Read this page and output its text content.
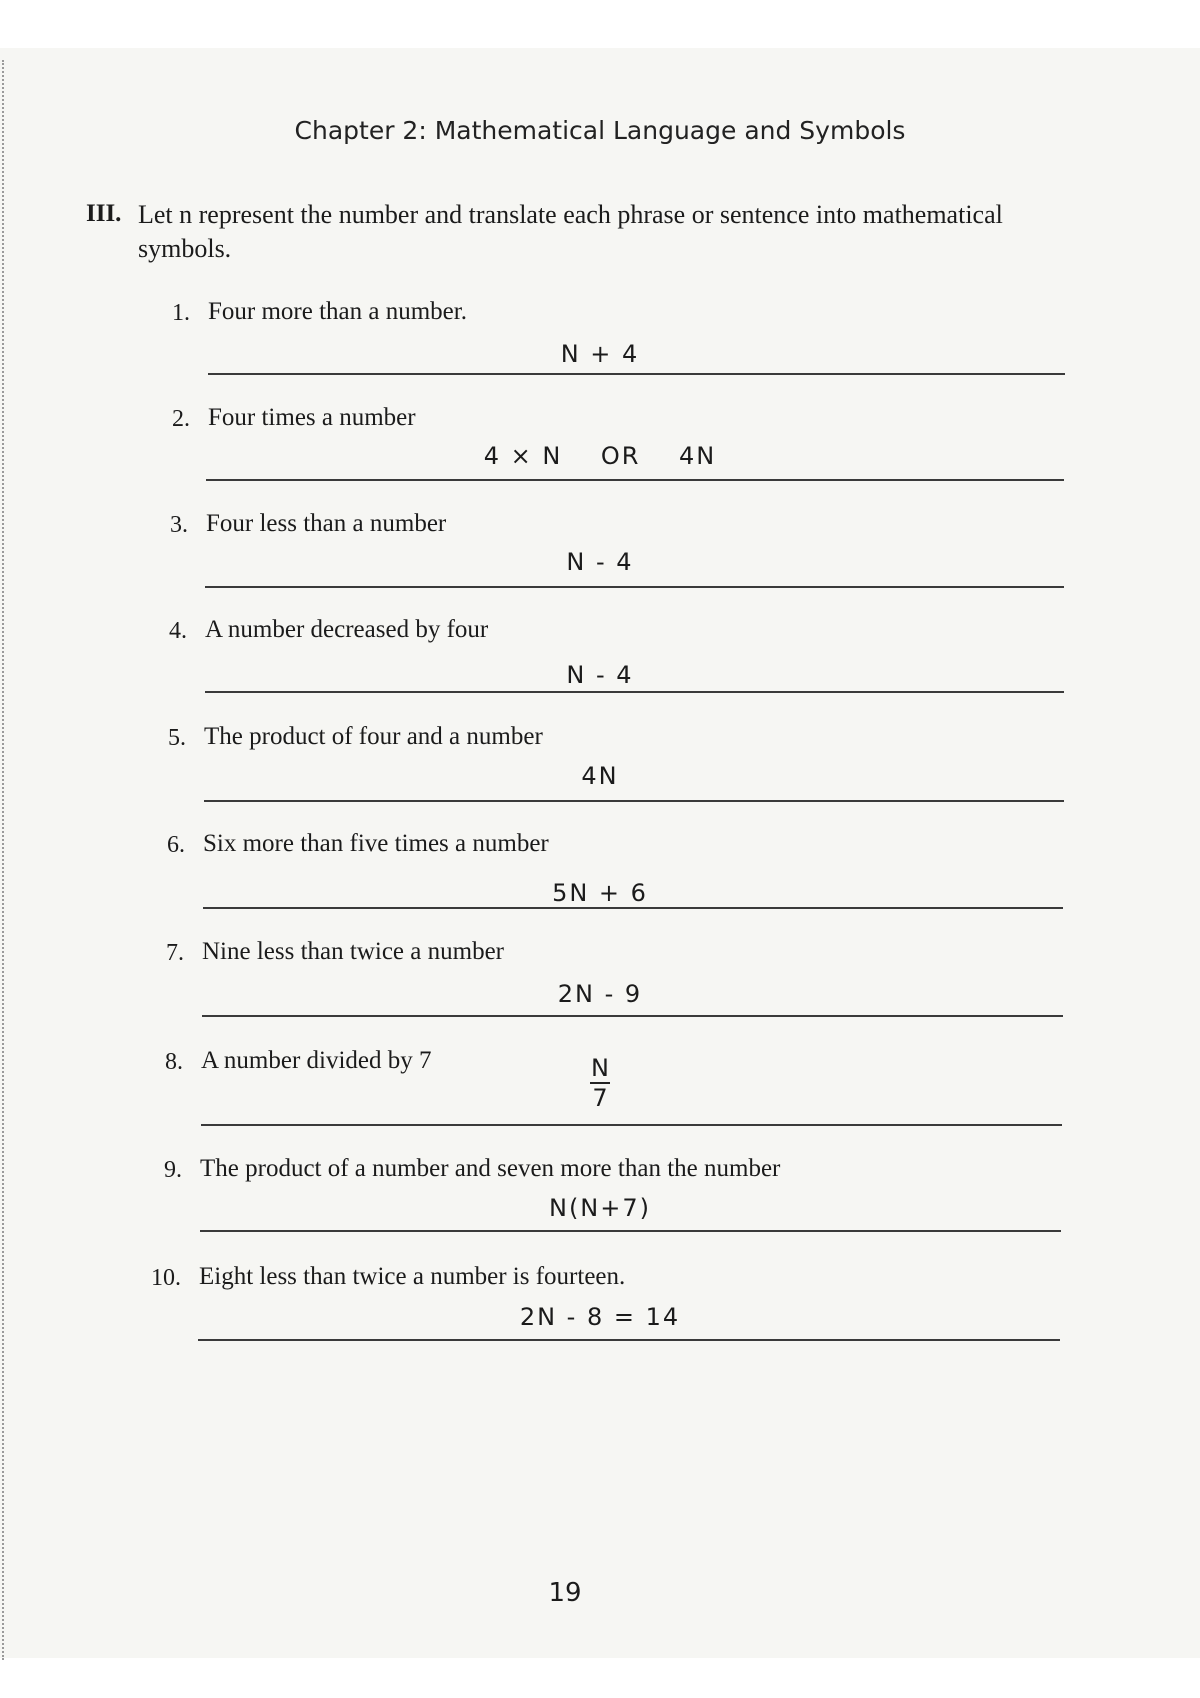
Chapter 2: Mathematical Language and Symbols
III. Let n represent the number and translate each phrase or sentence into mathematical symbols.
1. Four more than a number.
N + 4
2. Four times a number
4 × N    OR    4N
3. Four less than a number
N - 4
4. A number decreased by four
N - 4
5. The product of four and a number
4N
6. Six more than five times a number
5N + 6
7. Nine less than twice a number
2N - 9
8. A number divided by 7	N
7
9. The product of a number and seven more than the number
N(N+7)
10. Eight less than twice a number is fourteen.
2N - 8 = 14
19
